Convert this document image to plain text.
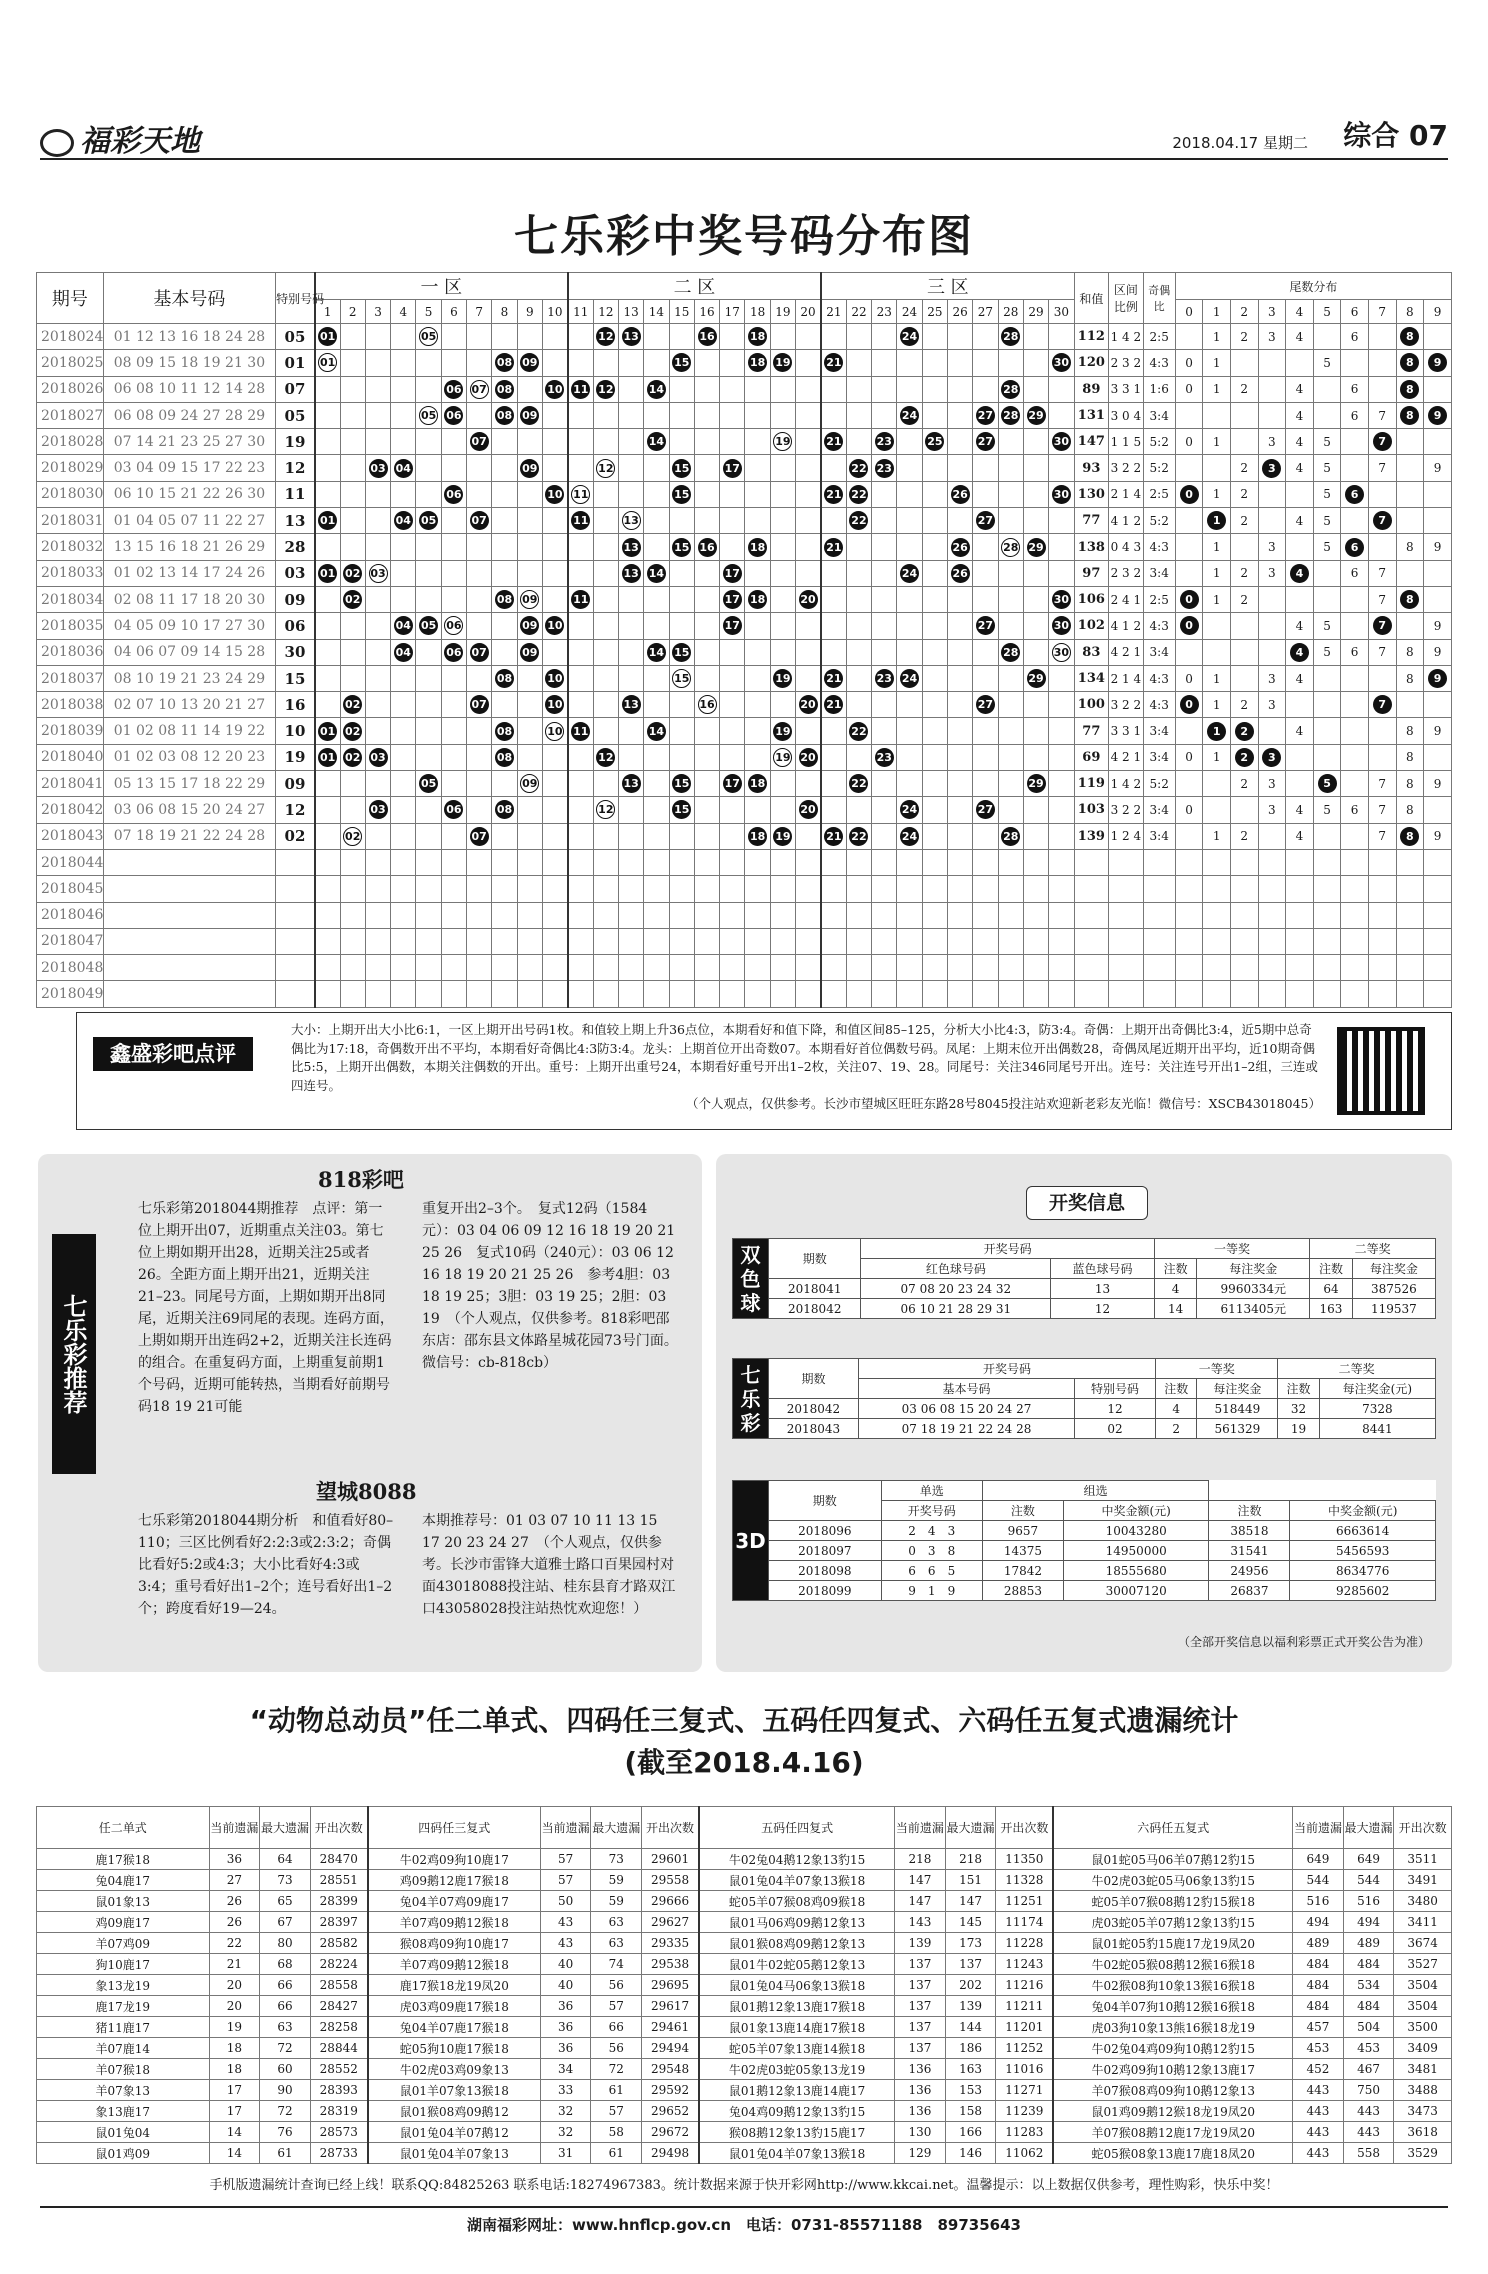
福彩天地	2018.04.17 星期二 综合 07
七乐彩中奖号码分布图
期号	基本号码	特别号码	一 区										二 区										三 区										和值	区间比例	奇偶比	尾数分布									
			1	2	3	4	5	6	7	8	9	10	11	12	13	14	15	16	17	18	19	20	21	22	23	24	25	26	27	28	29	30				0	1	2	3	4	5	6	7	8	9
2018024	01 12 13 16 18 24 28	05	01				05							12	13			16		18						24				28			112	1 4 2	2:5		1	2	3	4		6		8	
2018025	08 09 15 18 19 21 30	01	01							08	09						15			18	19		21									30	120	2 3 2	4:3	0	1				5			8	9
2018026	06 08 10 11 12 14 28	07						06	07	08		10	11	12		14														28			89	3 3 1	1:6	0	1	2		4		6		8	
2018027	06 08 09 24 27 28 29	05					05	06		08	09															24			27	28	29		131	3 0 4	3:4					4		6	7	8	9
2018028	07 14 21 23 25 27 30	19							07							14					19		21		23		25		27			30	147	1 1 5	5:2	0	1		3	4	5		7		
2018029	03 04 09 15 17 22 23	12			03	04					09			12			15		17					22	23								93	3 2 2	5:2			2	3	4	5		7		9
2018030	06 10 15 21 22 26 30	11						06				10	11				15						21	22				26				30	130	2 1 4	2:5	0	1	2			5	6			
2018031	01 04 05 07 11 22 27	13	01			04	05		07				11		13									22					27				77	4 1 2	5:2		1	2		4	5		7		
2018032	13 15 16 18 21 26 29	28													13		15	16		18			21					26		28	29		138	0 4 3	4:3		1		3		5	6		8	9
2018033	01 02 13 14 17 24 26	03	01	02	03										13	14			17							24		26					97	2 3 2	3:4		1	2	3	4		6	7		
2018034	02 08 11 17 18 20 30	09		02						08	09		11						17	18		20										30	106	2 4 1	2:5	0	1	2					7	8	
2018035	04 05 09 10 17 27 30	06				04	05	06			09	10							17										27			30	102	4 1 2	4:3	0				4	5		7		9
2018036	04 06 07 09 14 15 28	30				04		06	07		09					14	15													28		30	83	4 2 1	3:4					4	5	6	7	8	9
2018037	08 10 19 21 23 24 29	15								08		10					15				19		21		23	24					29		134	2 1 4	4:3	0	1		3	4				8	9
2018038	02 07 10 13 20 21 27	16		02					07			10			13			16				20	21						27				100	3 2 2	4:3	0	1	2	3				7		
2018039	01 02 08 11 14 19 22	10	01	02						08		10	11			14					19			22									77	3 3 1	3:4		1	2		4				8	9
2018040	01 02 03 08 12 20 23	19	01	02	03					08				12							19	20			23								69	4 2 1	3:4	0	1	2	3					8	
2018041	05 13 15 17 18 22 29	09					05				09				13		15		17	18				22							29		119	1 4 2	5:2			2	3		5		7	8	9
2018042	03 06 08 15 20 24 27	12			03			06		08				12			15					20				24			27				103	3 2 2	3:4	0			3	4	5	6	7	8	
2018043	07 18 19 21 22 24 28	02		02					07											18	19		21	22		24				28			139	1 2 4	3:4		1	2		4			7	8	9
2018044																																													
2018045																																													
2018046																																													
2018047																																													
2018048																																													
2018049																																													
鑫盛彩吧点评
大小：上期开出大小比6:1，一区上期开出号码1枚。和值较上期上升36点位，本期看好和值下降，和值区间85–125，分析大小比4:3，防3:4。奇偶：上期开出奇偶比3:4，近5期中总奇偶比为17:18，奇偶数开出不平均，本期看好奇偶比4:3防3:4。龙头：上期首位开出奇数07。本期看好首位偶数号码。凤尾：上期末位开出偶数28，奇偶凤尾近期开出平均，近10期奇偶比5:5，上期开出偶数，本期关注偶数的开出。重号：上期开出重号24，本期看好重号开出1–2枚，关注07、19、28。同尾号：关注346同尾号开出。连号：关注连号开出1–2组，三连或四连号。

（个人观点，仅供参考。长沙市望城区旺旺东路28号8045投注站欢迎新老彩友光临！微信号：XSCB43018045）
七乐彩推荐
818彩吧
七乐彩第2018044期推荐　点评：第一位上期开出07，近期重点关注03。第七位上期如期开出28，近期关注25或者26。全距方面上期开出21，近期关注21–23。同尾号方面，上期如期开出8同尾，近期关注69同尾的表现。连码方面，上期如期开出连码2+2，近期关注长连码的组合。在重复码方面，上期重复前期1个号码，近期可能转热，当期看好前期号码18 19 21可能
重复开出2–3个。　复式12码（1584元）：03 04 06 09 12 16 18 19 20 21 25 26　复式10码（240元）：03 06 12 16 18 19 20 21 25 26　参考4胆：03 18 19 25；3胆：03 19 25；2胆：03 19　（个人观点，仅供参考。818彩吧邵东店：邵东县文体路星城花园73号门面。微信号：cb-818cb）
望城8088
七乐彩第2018044期分析　和值看好80–110；三区比例看好2:2:3或2:3:2；奇偶比看好5:2或4:3；大小比看好4:3或3:4；重号看好出1–2个；连号看好出1–2个；跨度看好19—24。
本期推荐号：01 03 07 10 11 13 15 17 20 23 24 27　（个人观点，仅供参考。长沙市雷锋大道雅士路口百果园村对面43018088投注站、桂东县育才路双江口43058028投注站热忱欢迎您！）
开奖信息
双色球	期数	开奖号码		一等奖		二等奖	
		红色球号码	蓝色球号码	注数	每注奖金	注数	每注奖金
	2018041	07 08 20 23 24 32	13	4	9960334元	64	387526
	2018042	06 10 21 28 29 31	12	14	6113405元	163	119537
七乐彩	期数	开奖号码		一等奖		二等奖	
		基本号码	特别号码	注数	每注奖金	注数	每注奖金(元)
	2018042	03 06 08 15 20 24 27	12	4	518449	32	7328
	2018043	07 18 19 21 22 24 28	02	2	561329	19	8441
3D	期数	单选	组选			
		开奖号码	注数	中奖金额(元)	注数	中奖金额(元)
	2018096	2　4　3	9657	10043280	38518	6663614
	2018097	0　3　8	14375	14950000	31541	5456593
	2018098	6　6　5	17842	18555680	24956	8634776
	2018099	9　1　9	28853	30007120	26837	9285602
（全部开奖信息以福利彩票正式开奖公告为准）
“动物总动员”任二单式、四码任三复式、五码任四复式、六码任五复式遗漏统计
(截至2018.4.16)
任二单式	当前遗漏	最大遗漏	开出次数	四码任三复式	当前遗漏	最大遗漏	开出次数	五码任四复式	当前遗漏	最大遗漏	开出次数	六码任五复式	当前遗漏	最大遗漏	开出次数
鹿17猴18	36	64	28470	牛02鸡09狗10鹿17	57	73	29601	牛02兔04鹅12象13豹15	218	218	11350	鼠01蛇05马06羊07鹅12豹15	649	649	3511
兔04鹿17	27	73	28551	鸡09鹅12鹿17猴18	57	59	29558	鼠01兔04羊07象13猴18	147	151	11328	牛02虎03蛇05马06象13豹15	544	544	3491
鼠01象13	26	65	28399	兔04羊07鸡09鹿17	50	59	29666	蛇05羊07猴08鸡09猴18	147	147	11251	蛇05羊07猴08鹅12豹15猴18	516	516	3480
鸡09鹿17	26	67	28397	羊07鸡09鹅12猴18	43	63	29627	鼠01马06鸡09鹅12象13	143	145	11174	虎03蛇05羊07鹅12象13豹15	494	494	3411
羊07鸡09	22	80	28582	猴08鸡09狗10鹿17	43	63	29335	鼠01猴08鸡09鹅12象13	139	173	11228	鼠01蛇05豹15鹿17龙19凤20	489	489	3674
狗10鹿17	21	68	28224	羊07鸡09鹅12猴18	40	74	29538	鼠01牛02蛇05鹅12象13	137	137	11243	牛02蛇05猴08鹅12猴16猴18	484	484	3527
象13龙19	20	66	28558	鹿17猴18龙19凤20	40	56	29695	鼠01兔04马06象13猴18	137	202	11216	牛02猴08狗10象13猴16猴18	484	534	3504
鹿17龙19	20	66	28427	虎03鸡09鹿17猴18	36	57	29617	鼠01鹅12象13鹿17猴18	137	139	11211	兔04羊07狗10鹅12猴16猴18	484	484	3504
猪11鹿17	19	63	28258	兔04羊07鹿17猴18	36	66	29461	鼠01象13鹿14鹿17猴18	137	144	11201	虎03狗10象13熊16猴18龙19	457	504	3500
羊07鹿14	18	72	28844	蛇05狗10鹿17猴18	36	56	29494	蛇05羊07象13鹿14猴18	137	186	11252	牛02兔04鸡09狗10鹅12豹15	453	453	3409
羊07猴18	18	60	28552	牛02虎03鸡09象13	34	72	29548	牛02虎03蛇05象13龙19	136	163	11016	牛02鸡09狗10鹅12象13鹿17	452	467	3481
羊07象13	17	90	28393	鼠01羊07象13猴18	33	61	29592	鼠01鹅12象13鹿14鹿17	136	153	11271	羊07猴08鸡09狗10鹅12象13	443	750	3488
象13鹿17	17	72	28319	鼠01猴08鸡09鹅12	32	57	29652	兔04鸡09鹅12象13豹15	136	158	11239	鼠01鸡09鹅12猴18龙19凤20	443	443	3473
鼠01兔04	14	76	28573	鼠01兔04羊07鹅12	32	58	29672	猴08鹅12象13豹15鹿17	130	166	11283	羊07猴08鹅12鹿17龙19凤20	443	443	3618
鼠01鸡09	14	61	28733	鼠01兔04羊07象13	31	61	29498	鼠01兔04羊07象13猴18	129	146	11062	蛇05猴08象13鹿17鹿18凤20	443	558	3529
手机版遗漏统计查询已经上线！联系QQ:84825263 联系电话:18274967383。统计数据来源于快开彩网http://www.kkcai.net。温馨提示：以上数据仅供参考，理性购彩，快乐中奖！
湖南福彩网址：www.hnflcp.gov.cn　电话：0731-85571188　89735643
